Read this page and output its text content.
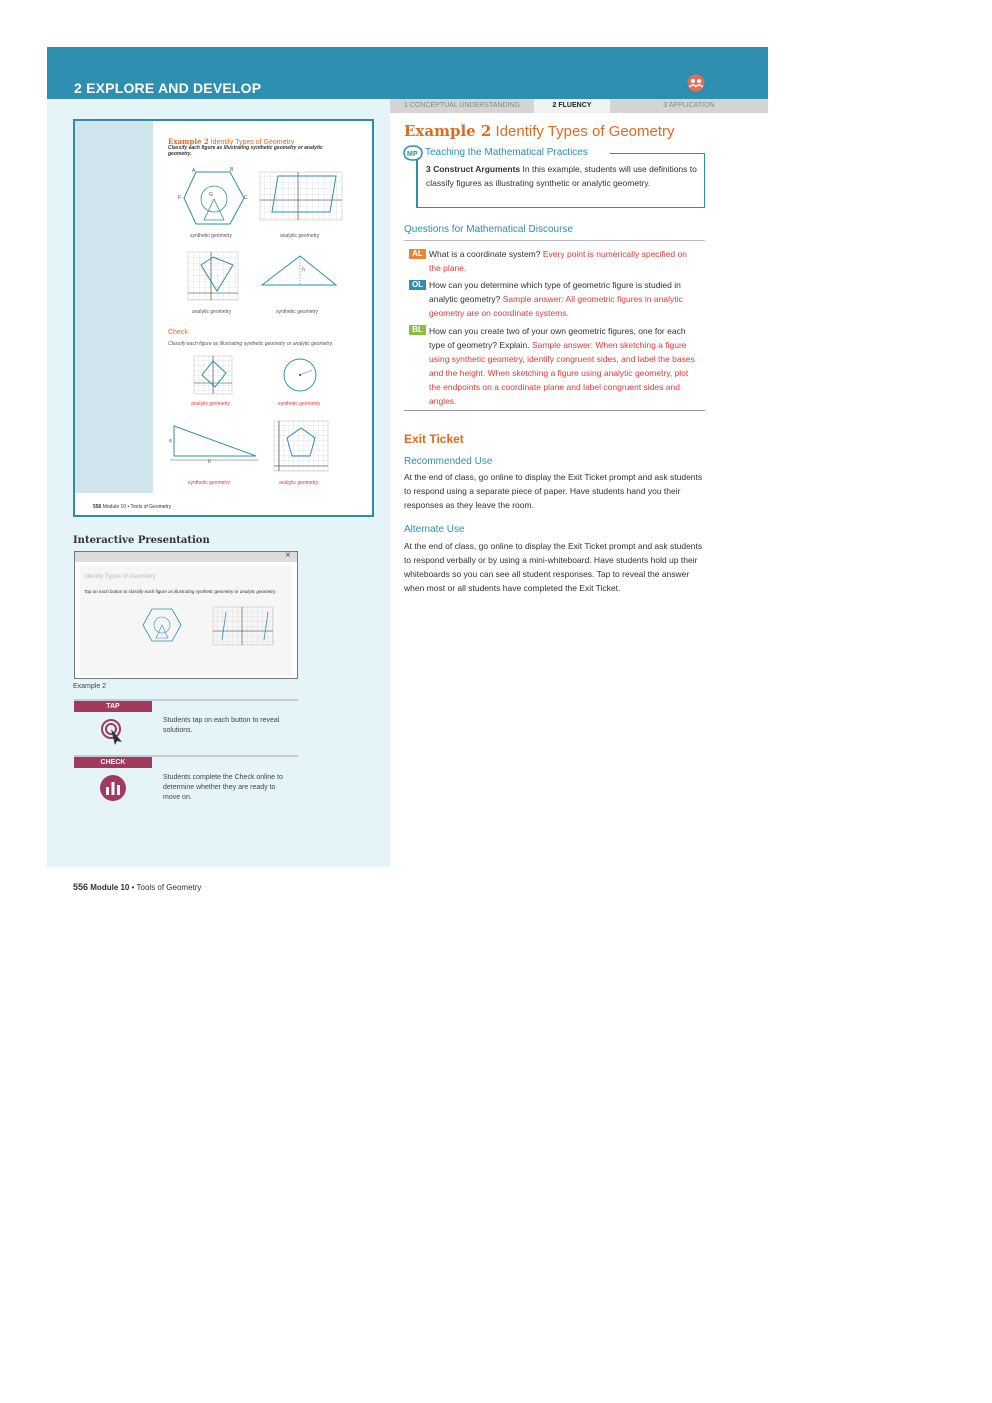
2 EXPLORE AND DEVELOP
1 CONCEPTUAL UNDERSTANDING	2 FLUENCY	3 APPLICATION
Example 2 Identify Types of Geometry
Classify each figure as illustrating synthetic geometry or analytic geometry.
A	B
F	C
G
synthetic geometry	analytic geometry
analytic geometry
h
synthetic geometry
Check
Classify each figure as illustrating synthetic geometry or analytic geometry.
analytic geometry	synthetic geometry
b
a
synthetic geometry	analytic geometry
556 Module 10 • Tools of Geometry
Interactive Presentation
×
Identify Types of Geometry
Tap on each button to classify each figure as illustrating synthetic geometry or analytic geometry.
Example 2
TAP
Students tap on each button to reveal solutions.
CHECK
Students complete the Check online to determine whether they are ready to move on.
556 Module 10 • Tools of Geometry
Example 2 Identify Types of Geometry
MP Teaching the Mathematical Practices
3 Construct Arguments In this example, students will use definitions to classify figures as illustrating synthetic or analytic geometry.
Questions for Mathematical Discourse
AL What is a coordinate system? Every point is numerically specified on the plane.
OL How can you determine which type of geometric figure is studied in analytic geometry? Sample answer: All geometric figures in analytic geometry are on coordinate systems.
BL How can you create two of your own geometric figures, one for each type of geometry? Explain. Sample answer: When sketching a figure using synthetic geometry, identify congruent sides, and label the bases and the height. When sketching a figure using analytic geometry, plot the endpoints on a coordinate plane and label congruent sides and angles.
Exit Ticket
Recommended Use
At the end of class, go online to display the Exit Ticket prompt and ask students to respond using a separate piece of paper. Have students hand you their responses as they leave the room.
Alternate Use
At the end of class, go online to display the Exit Ticket prompt and ask students to respond verbally or by using a mini-whiteboard. Have students hold up their whiteboards so you can see all student responses. Tap to reveal the answer when most or all students have completed the Exit Ticket.
